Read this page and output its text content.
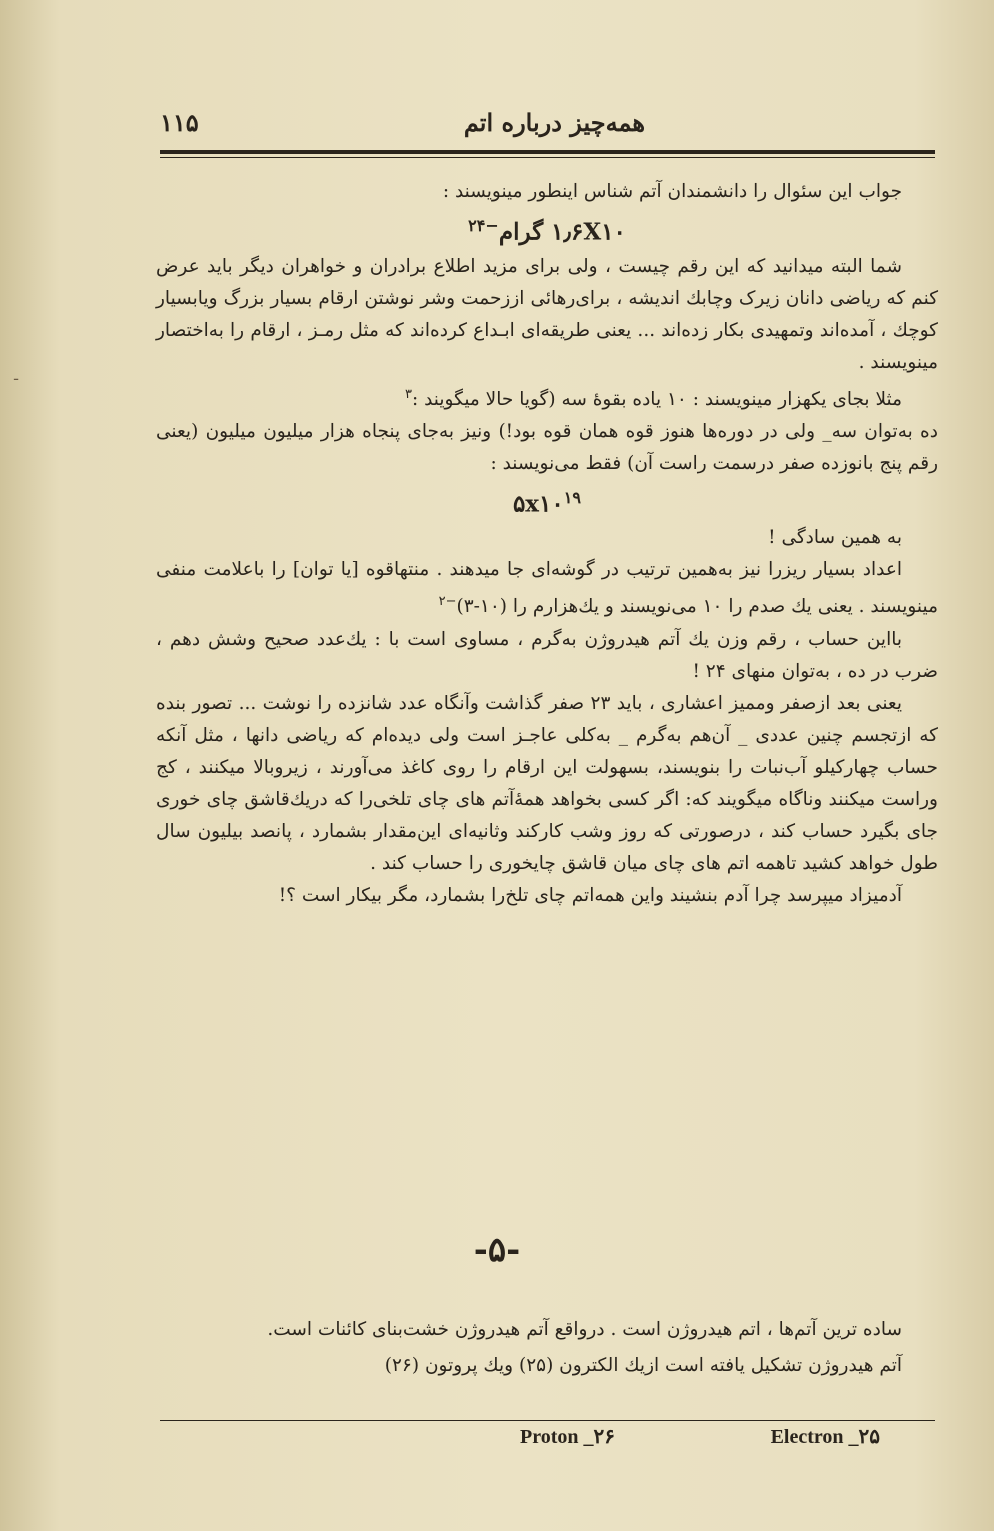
ـ
همه‌چیز درباره اتم
۱۱۵

جواب این سئوال را دانشمندان آتم شناس اینطور مینویسند :

۱٫۶X۱۰ گرام$^{-۲۴}$

شما البته میدانید که این رقم چیست ، ولی برای مزید اطلاع برادران و خواهران دیگر باید عرض کنم که ریاضی دانان زیرک وچابك اندیشه ، برای‌رهائی اززحمت وشر نوشتن ارقام بسیار بزرگ ویابسیار کوچك ، آمده‌اند وتمهیدی بکار زده‌اند ... یعنی طریقه‌ای ابـداع کرده‌اند که مثل رمـز ، ارقام را به‌اختصار مینویسند .

مثلا بجای یکهزار مینویسند : ۱۰ یاده بقوهٔ سه (گویا حالا میگویند :$^۳$

ده به‌توان سه_ ولی در دوره‌ها هنوز قوه همان قوه بود!) ونیز به‌جای پنجاه هزار میلیون میلیون (یعنی رقم پنج بانوزده صفر درسمت راست آن) فقط می‌نویسند :

$۵x۱۰^{۱۹}$

به همین سادگی !

اعداد بسیار ریزرا نیز به‌همین ترتیب در گوشه‌ای جا میدهند . منتهاقوه [یا توان] را باعلامت منفی مینویسند . یعنی یك صدم را ۱۰ می‌نویسند و یك‌هزارم را (۱۰-۳)$^{-۲}$

بااین حساب ، رقم وزن یك آتم هیدروژن به‌گرم ، مساوی است با : یك‌عدد صحیح وشش دهم ، ضرب در ده ، به‌توان منهای ۲۴ !

یعنی بعد ازصفر وممیز اعشاری ، باید ۲۳ صفر گذاشت وآنگاه عدد شانزده را نوشت ... تصور بنده که ازتجسم چنین عددی _ آن‌هم به‌گرم _ به‌کلی عاجـز است ولی دیده‌ام که ریاضی دانها ، مثل آنکه حساب چهارکیلو آب‌نبات را بنویسند، بسهولت این ارقام را روی کاغذ می‌آورند ، زیروبالا میکنند ، کج وراست میکنند وناگاه میگویند که: اگر کسی بخواهد همهٔ‌آتم های چای تلخی‌را که دریك‌قاشق چای خوری جای بگیرد حساب کند ، درصورتی که روز وشب کارکند وثانیه‌ای این‌مقدار بشمارد ، پانصد بیلیون سال طول خواهد کشید تاهمه اتم های چای میان قاشق چایخوری را حساب کند .

آدمیزاد میپرسد چرا آدم بنشیند واین همه‌اتم چای تلخ‌را بشمارد، مگر بیکار است ؟!

-۵-

ساده ترین آتم‌ها ، اتم هیدروژن است . درواقع آتم هیدروژن خشت‌بنای کائنات است.

آتم هیدروژن تشکیل یافته است ازیك الکترون (۲۵) ویك پروتون (۲۶)

Proton _۲۶	Electron _۲۵
